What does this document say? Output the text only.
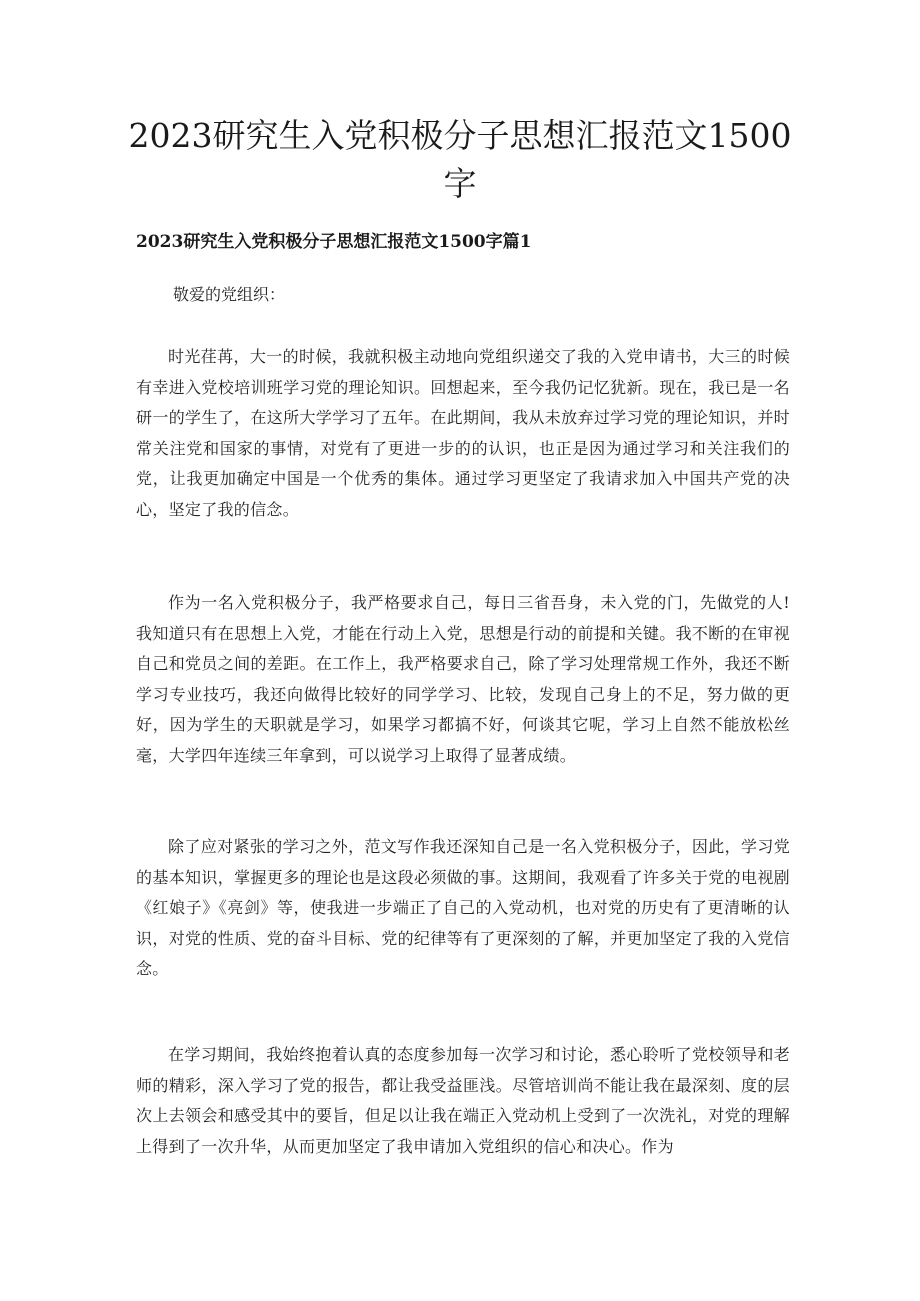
2023研究生入党积极分子思想汇报范文1500字
2023研究生入党积极分子思想汇报范文1500字篇1

敬爱的党组织：

时光荏苒，大一的时候，我就积极主动地向党组织递交了我的入党申请书，大三的时候有幸进入党校培训班学习党的理论知识。回想起来，至今我仍记忆犹新。现在，我已是一名研一的学生了，在这所大学学习了五年。在此期间，我从未放弃过学习党的理论知识，并时常关注党和国家的事情，对党有了更进一步的的认识，也正是因为通过学习和关注我们的党，让我更加确定中国是一个优秀的集体。通过学习更坚定了我请求加入中国共产党的决心，坚定了我的信念。

作为一名入党积极分子，我严格要求自己，每日三省吾身，未入党的门，先做党的人!我知道只有在思想上入党，才能在行动上入党，思想是行动的前提和关键。我不断的在审视自己和党员之间的差距。在工作上，我严格要求自己，除了学习处理常规工作外，我还不断学习专业技巧，我还向做得比较好的同学学习、比较，发现自己身上的不足，努力做的更好，因为学生的天职就是学习，如果学习都搞不好，何谈其它呢，学习上自然不能放松丝毫，大学四年连续三年拿到，可以说学习上取得了显著成绩。

除了应对紧张的学习之外，范文写作我还深知自己是一名入党积极分子，因此，学习党的基本知识，掌握更多的理论也是这段必须做的事。这期间，我观看了许多关于党的电视剧《红娘子》《亮剑》等，使我进一步端正了自己的入党动机，也对党的历史有了更清晰的认识，对党的性质、党的奋斗目标、党的纪律等有了更深刻的了解，并更加坚定了我的入党信念。

在学习期间，我始终抱着认真的态度参加每一次学习和讨论，悉心聆听了党校领导和老师的精彩，深入学习了党的报告，都让我受益匪浅。尽管培训尚不能让我在最深刻、度的层次上去领会和感受其中的要旨，但足以让我在端正入党动机上受到了一次洗礼，对党的理解上得到了一次升华，从而更加坚定了我申请加入党组织的信心和决心。作为
